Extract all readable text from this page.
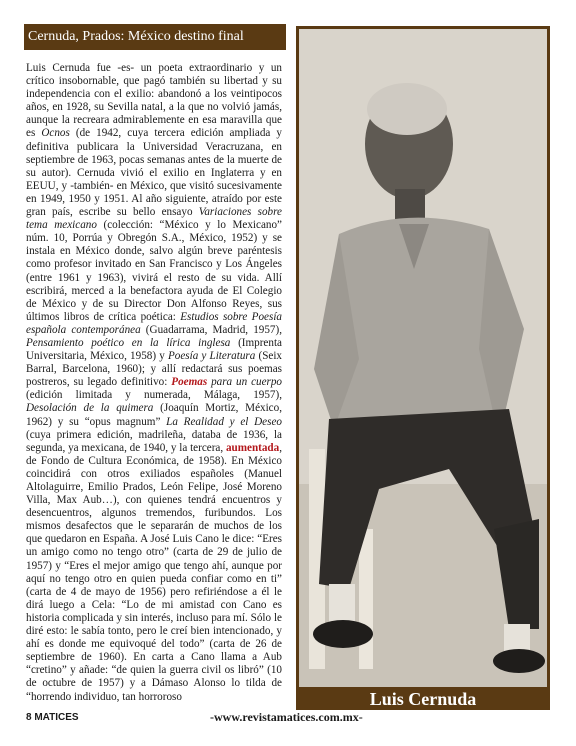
Cernuda, Prados: México destino final

Luis Cernuda fue -es- un poeta extraordinario y un crítico insobornable, que pagó también su libertad y su independencia con el exilio: abandonó a los veintipocos años, en 1928, su Sevilla natal, a la que no volvió jamás, aunque la recreara admirablemente en esa maravilla que es Ocnos (de 1942, cuya tercera edición ampliada y definitiva publicara la Universidad Veracruzana, en septiembre de 1963, pocas semanas antes de la muerte de su autor). Cernuda vivió el exilio en Inglaterra y en EEUU, y -también- en México, que visitó sucesivamente en 1949, 1950 y 1951. Al año siguiente, atraído por este gran país, escribe su bello ensayo Variaciones sobre tema mexicano (colección: “México y lo Mexicano” núm. 10, Porrúa y Obregón S.A., México, 1952) y se instala en México donde, salvo algún breve paréntesis como profesor invitado en San Francisco y Los Ángeles (entre 1961 y 1963), vivirá el resto de su vida. Allí escribirá, merced a la benefactora ayuda de El Colegio de México y de su Director Don Alfonso Reyes, sus últimos libros de crítica poética: Estudios sobre Poesía española contemporánea (Guadarrama, Madrid, 1957), Pensamiento poético en la lírica inglesa (Imprenta Universitaria, México, 1958) y Poesía y Literatura (Seix Barral, Barcelona, 1960); y allí redactará sus poemas postreros, su legado definitivo: Poemas para un cuerpo (edición limitada y numerada, Málaga, 1957), Desolación de la quimera (Joaquín Mortiz, México, 1962) y su “opus magnum” La Realidad y el Deseo (cuya primera edición, madrileña, databa de 1936, la segunda, ya mexicana, de 1940, y la tercera, aumentada, de Fondo de Cultura Económica, de 1958). En México coincidirá con otros exiliados españoles (Manuel Altolaguirre, Emilio Prados, León Felipe, José Moreno Villa, Max Aub…), con quienes tendrá encuentros y desencuentros, algunos tremendos, furibundos. Los mismos desafectos que le separarán de muchos de los que quedaron en España. A José Luis Cano le dice: “Eres un amigo como no tengo otro” (carta de 29 de julio de 1957) y “Eres el mejor amigo que tengo ahí, aunque por aquí no tengo otro en quien pueda confiar como en ti” (carta de 4 de mayo de 1956) pero refiriéndose a él le dirá luego a Cela: “Lo de mi amistad con Cano es historia complicada y sin interés, incluso para mí. Sólo le diré esto: le sabía tonto, pero le creí bien intencionado, y ahí es donde me equivoqué del todo” (carta de 26 de septiembre de 1960). En carta a Cano llama a Aub “cretino” y añade: “de quien la guerra civil os libró” (10 de octubre de 1957) y a Dámaso Alonso lo tilda de “horrendo individuo, tan horroroso	Luis Cernuda
8 MATICES	-www.revistamatices.com.mx-
